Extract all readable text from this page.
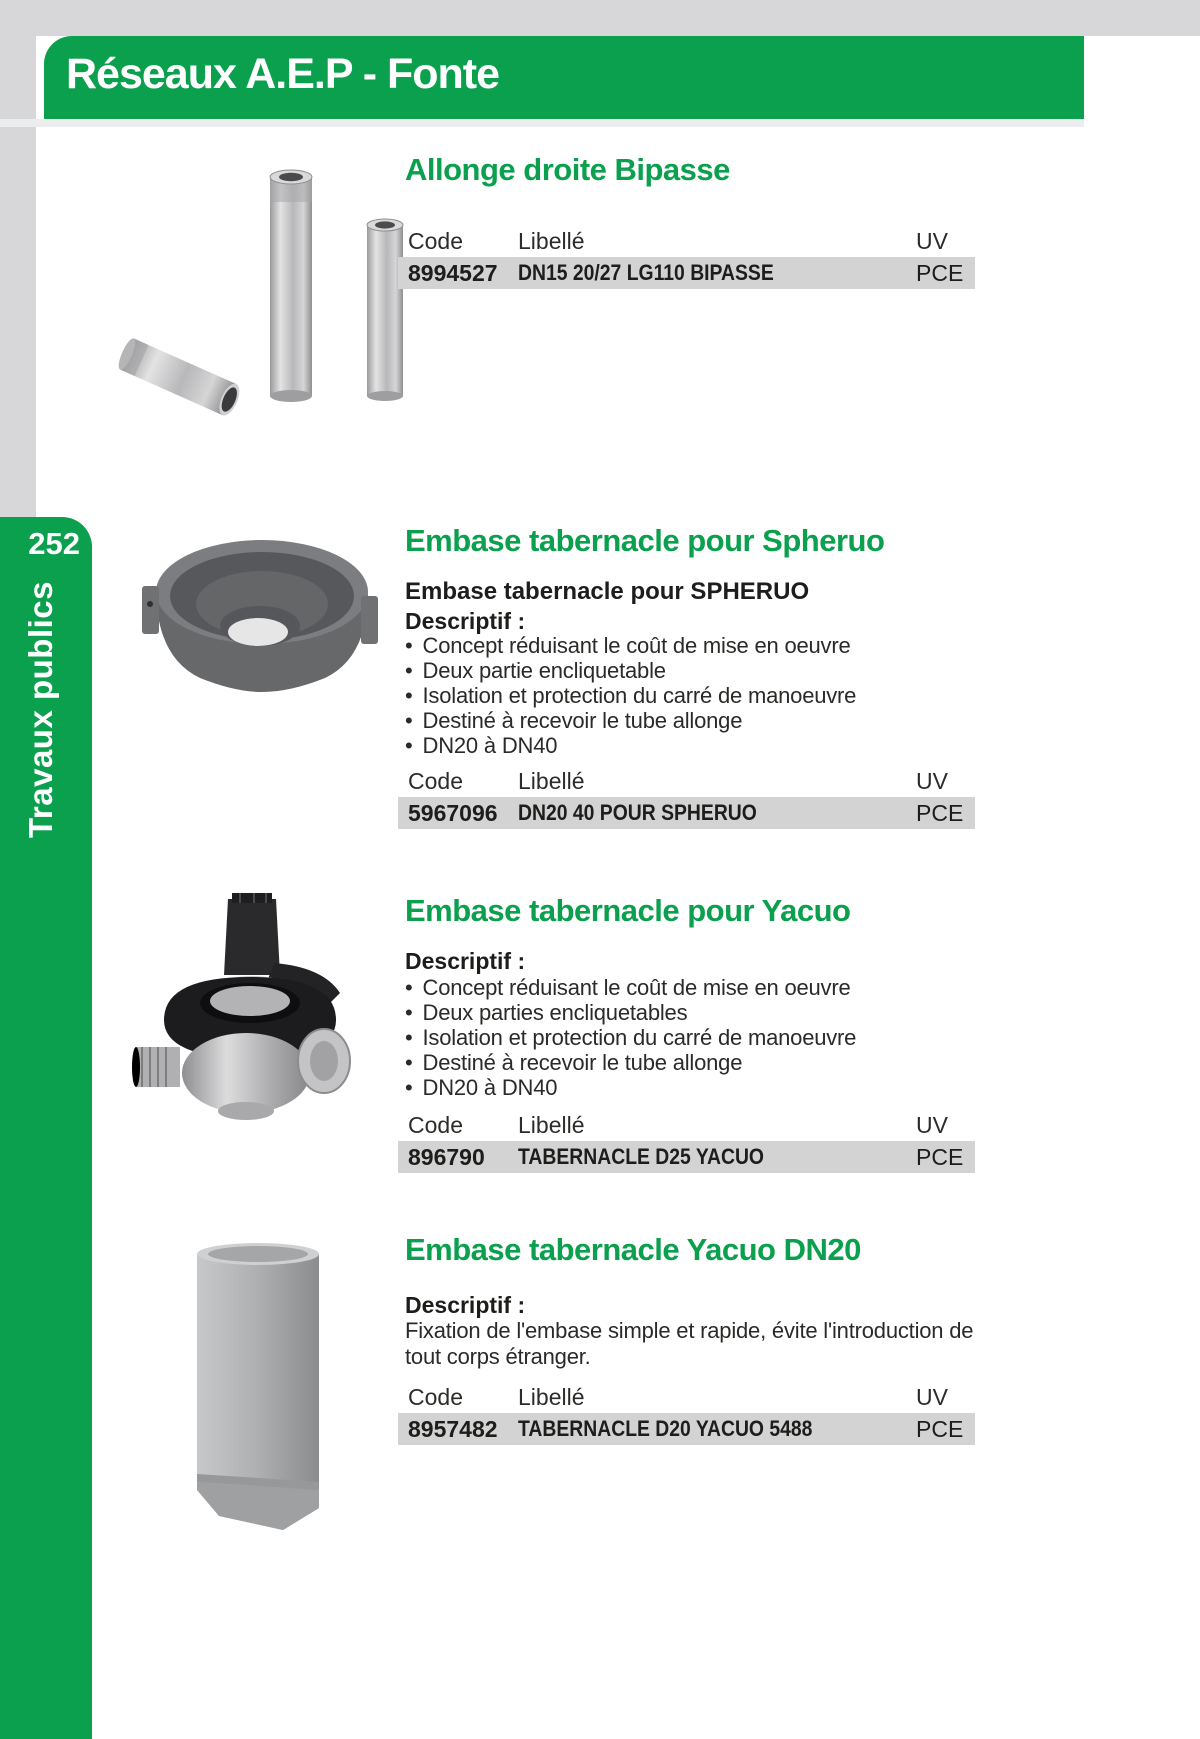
Réseaux A.E.P - Fonte
252
Travaux publics
Allonge droite Bipasse
Code	Libellé	UV
8994527 DN15 20/27 LG110 BIPASSE	PCE
Embase tabernacle pour Spheruo
Embase tabernacle pour SPHERUO
Descriptif :
• Concept réduisant le coût de mise en oeuvre
• Deux partie encliquetable
• Isolation et protection du carré de manoeuvre
• Destiné à recevoir le tube allonge
• DN20 à DN40
Code	Libellé	UV
5967096 DN20 40 POUR SPHERUO	PCE
Embase tabernacle pour Yacuo
Descriptif :
• Concept réduisant le coût de mise en oeuvre
• Deux parties encliquetables
• Isolation et protection du carré de manoeuvre
• Destiné à recevoir le tube allonge
• DN20 à DN40
Code	Libellé	UV
896790	TABERNACLE D25 YACUO	PCE
Embase tabernacle Yacuo DN20
Descriptif :
Fixation de l'embase simple et rapide, évite l'introduction de tout corps étranger.
Code	Libellé	UV
8957482 TABERNACLE D20 YACUO 5488	PCE
